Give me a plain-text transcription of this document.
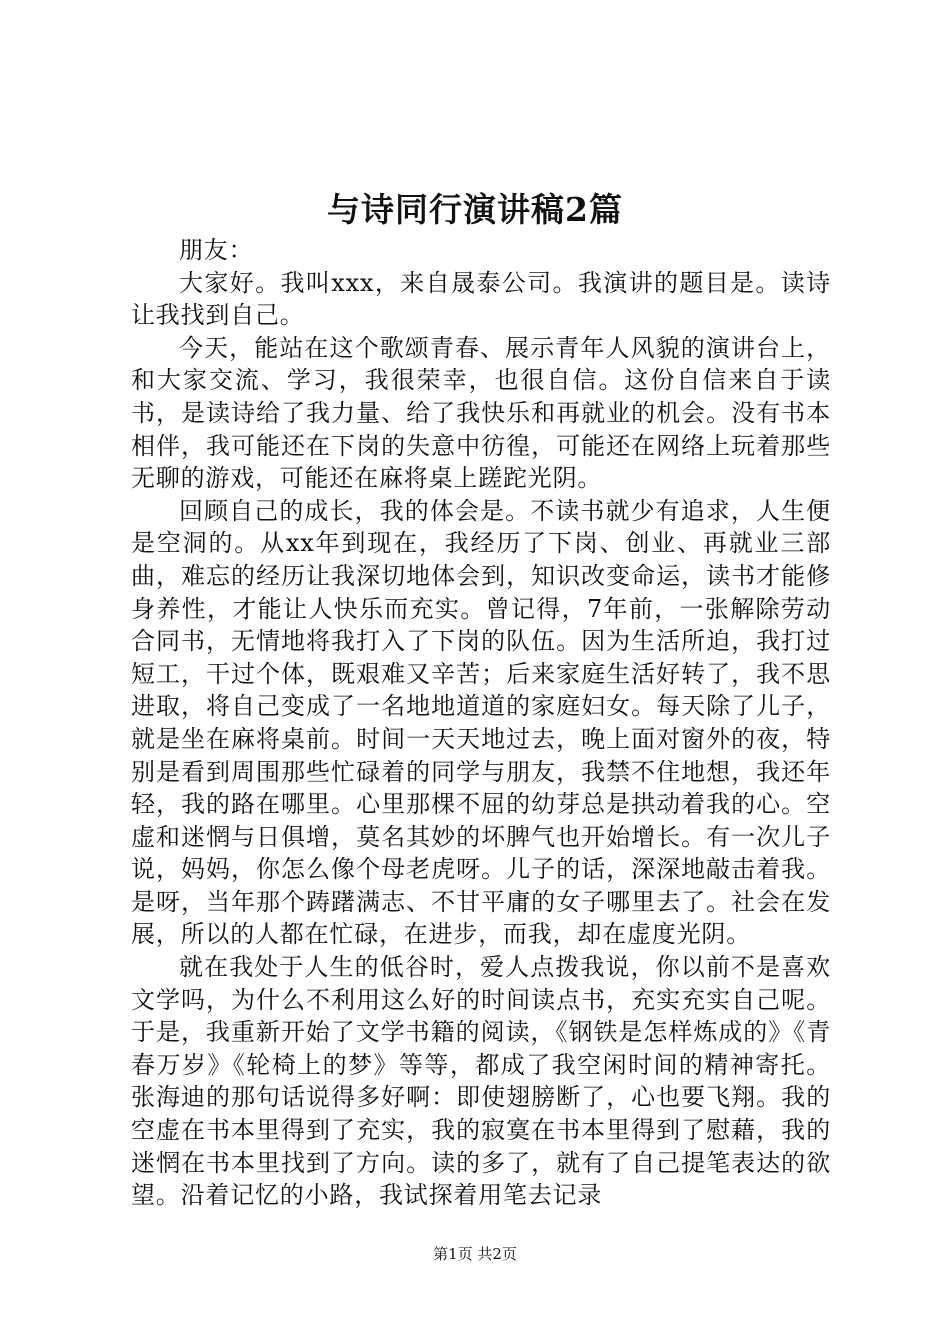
与诗同行演讲稿2篇

朋友：

大家好。我叫xxx，来自晟泰公司。我演讲的题目是。读诗让我找到自己。

今天，能站在这个歌颂青春、展示青年人风貌的演讲台上，和大家交流、学习，我很荣幸，也很自信。这份自信来自于读书，是读诗给了我力量、给了我快乐和再就业的机会。没有书本相伴，我可能还在下岗的失意中彷徨，可能还在网络上玩着那些无聊的游戏，可能还在麻将桌上蹉跎光阴。

回顾自己的成长，我的体会是。不读书就少有追求，人生便是空洞的。从xx年到现在，我经历了下岗、创业、再就业三部曲，难忘的经历让我深切地体会到，知识改变命运，读书才能修身养性，才能让人快乐而充实。曾记得，7年前，一张解除劳动合同书，无情地将我打入了下岗的队伍。因为生活所迫，我打过短工，干过个体，既艰难又辛苦；后来家庭生活好转了，我不思进取，将自己变成了一名地地道道的家庭妇女。每天除了儿子，就是坐在麻将桌前。时间一天天地过去，晚上面对窗外的夜，特别是看到周围那些忙碌着的同学与朋友，我禁不住地想，我还年轻，我的路在哪里。心里那棵不屈的幼芽总是拱动着我的心。空虚和迷惘与日俱增，莫名其妙的坏脾气也开始增长。有一次儿子说，妈妈，你怎么像个母老虎呀。儿子的话，深深地敲击着我。是呀，当年那个踌躇满志、不甘平庸的女子哪里去了。社会在发展，所以的人都在忙碌，在进步，而我，却在虚度光阴。

就在我处于人生的低谷时，爱人点拨我说，你以前不是喜欢文学吗，为什么不利用这么好的时间读点书，充实充实自己呢。于是，我重新开始了文学书籍的阅读，《钢铁是怎样炼成的》《青春万岁》《轮椅上的梦》等等，都成了我空闲时间的精神寄托。张海迪的那句话说得多好啊：即使翅膀断了，心也要飞翔。我的空虚在书本里得到了充实，我的寂寞在书本里得到了慰藉，我的迷惘在书本里找到了方向。读的多了，就有了自己提笔表达的欲望。沿着记忆的小路，我试探着用笔去记录

第1页 共2页
